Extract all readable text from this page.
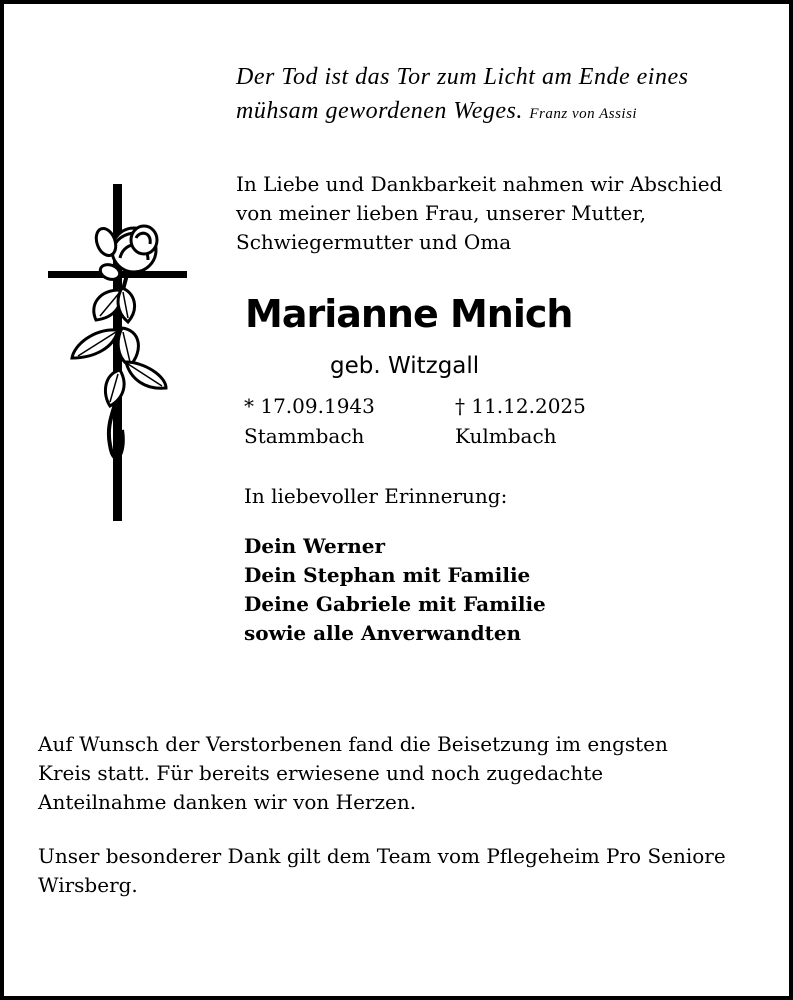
Der Tod ist das Tor zum Licht am Ende eines
mühsam gewordenen Weges. Franz von Assisi
In Liebe und Dankbarkeit nahmen wir Abschied
von meiner lieben Frau, unserer Mutter,
Schwiegermutter und Oma
Marianne Mnich
geb. Witzgall
* 17.09.1943
Stammbach
† 11.12.2025
Kulmbach
In liebevoller Erinnerung:
Dein Werner
Dein Stephan mit Familie
Deine Gabriele mit Familie
sowie alle Anverwandten
Auf Wunsch der Verstorbenen fand die Beisetzung im engsten
Kreis statt. Für bereits erwiesene und noch zugedachte
Anteilnahme danken wir von Herzen.
Unser besonderer Dank gilt dem Team vom Pflegeheim Pro Seniore
Wirsberg.
